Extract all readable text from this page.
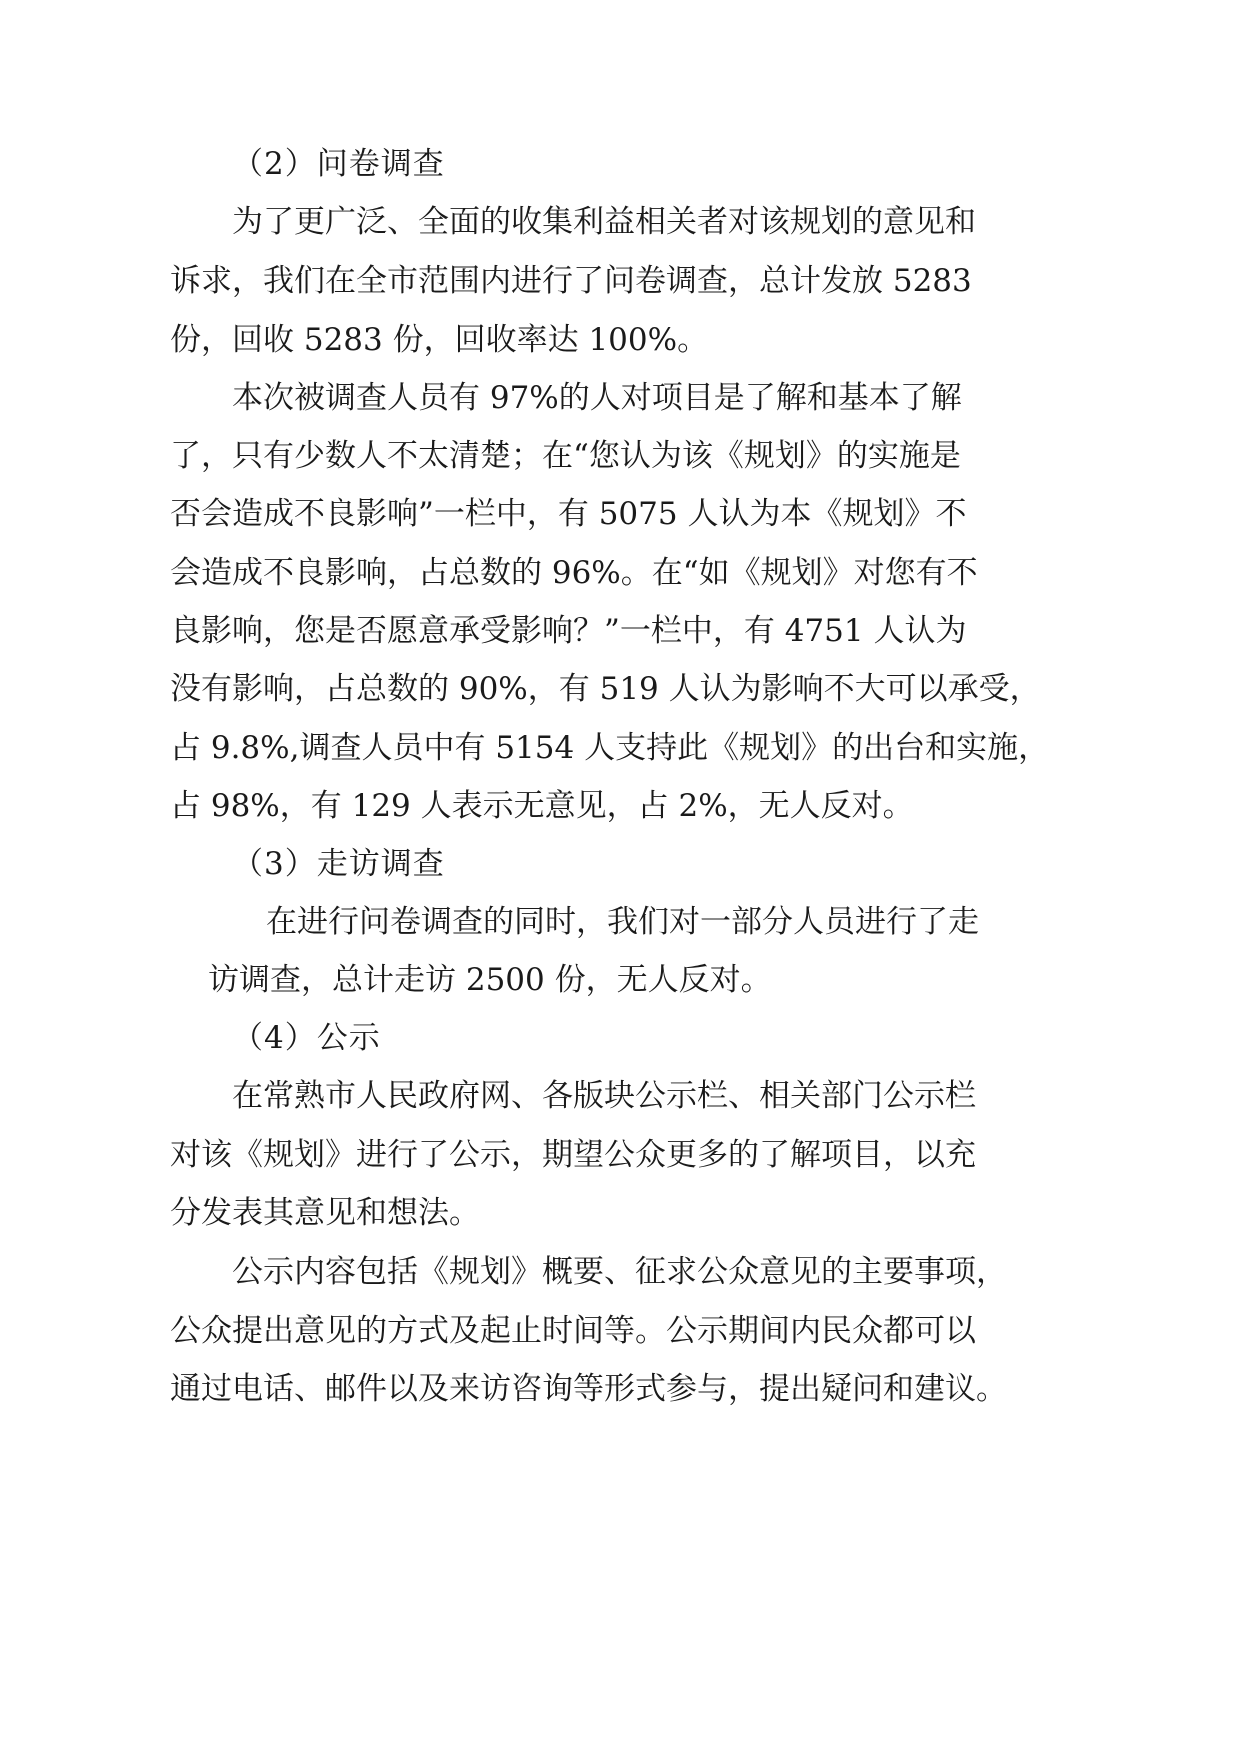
（2）问卷调查
为了更广泛、全面的收集利益相关者对该规划的意见和
诉求，我们在全市范围内进行了问卷调查，总计发放 5283
份，回收 5283 份，回收率达 100%。
本次被调查人员有 97%的人对项目是了解和基本了解
了，只有少数人不太清楚；在“您认为该《规划》的实施是
否会造成不良影响”一栏中，有 5075 人认为本《规划》不
会造成不良影响，占总数的 96%。在“如《规划》对您有不
良影响，您是否愿意承受影响？”一栏中，有 4751 人认为
没有影响，占总数的 90%，有 519 人认为影响不大可以承受，
占 9.8%,调查人员中有 5154 人支持此《规划》的出台和实施，
占 98%，有 129 人表示无意见，占 2%，无人反对。
（3）走访调查
在进行问卷调查的同时，我们对一部分人员进行了走
访调查，总计走访 2500 份，无人反对。
（4）公示
在常熟市人民政府网、各版块公示栏、相关部门公示栏
对该《规划》进行了公示，期望公众更多的了解项目，以充
分发表其意见和想法。
公示内容包括《规划》概要、征求公众意见的主要事项，
公众提出意见的方式及起止时间等。公示期间内民众都可以
通过电话、邮件以及来访咨询等形式参与，提出疑问和建议。
